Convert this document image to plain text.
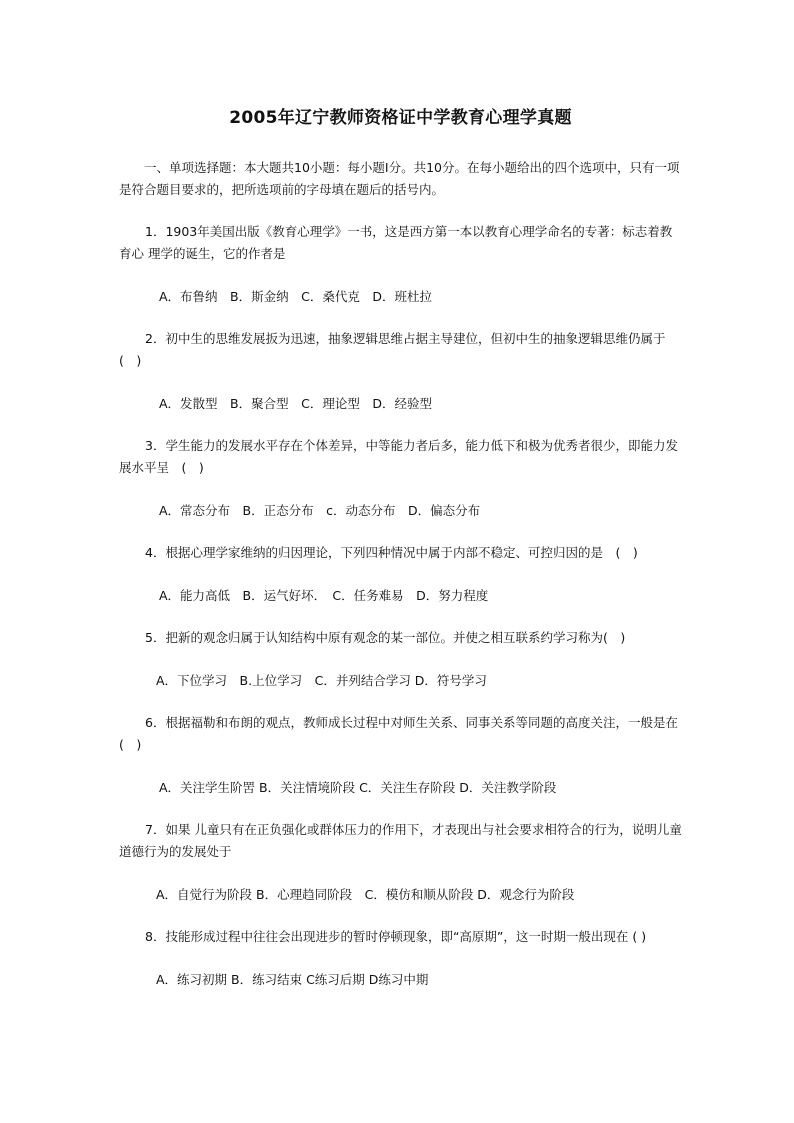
2005年辽宁教师资格证中学教育心理学真题

一、单项选择题：本大题共10小题：每小题Ⅰ分。共10分。在每小题给出的四个选项中，只有一项是符合题目要求的，把所选项前的字母填在题后的括号内。

1．1903年美国出版《教育心理学》一书，这是西方第一本以教育心理学命名的专著：标志着教育心 理学的诞生，它的作者是

A．布鲁纳　B．斯金纳　C．桑代克　D．班杜拉

2．初中生的思维发展扳为迅速，抽象逻辑思维占据主导建位，但初中生的抽象逻辑思维仍属于(　)

A．发散型　B．聚合型　C．理论型　D．经验型

3．学生能力的发展水平存在个体差异，中等能力者后多，能力低下和极为优秀者很少，即能力发展水平呈　(　)

A．常态分布　B．正态分布　c．动态分布　D．偏态分布

4．根据心理学家维纳的归因理论，下列四种情况中属于内部不稳定、可控归因的是　(　)

A．能力高低　B．运气好坏．　C．任务难易　D．努力程度

5．把新的观念归属于认知结构中原有观念的某一部位。并使之相互联系约学习称为(　)

A．下位学习　B.上位学习　C．并列结合学习 D．符号学习

6．根据福勒和布朗的观点，教师成长过程中对师生关系、同事关系等同题的高度关注，一般是在 (　)

A．关注学生阶罟 B．关注情境阶段 C．关注生存阶段 D．关注教学阶段

7．如果 儿童只有在正负强化或群体压力的作用下，才表现出与社会要求相符合的行为，说明儿童道德行为的发展处于

A．自觉行为阶段 B．心理趋同阶段　C．模仿和顺从阶段 D．观念行为阶段

8．技能形成过程中往往会出现进步的暂时停顿现象，即“高原期”，这一时期一般出现在 ( )

A．练习初期 B．练习结束 C练习后期 D练习中期
